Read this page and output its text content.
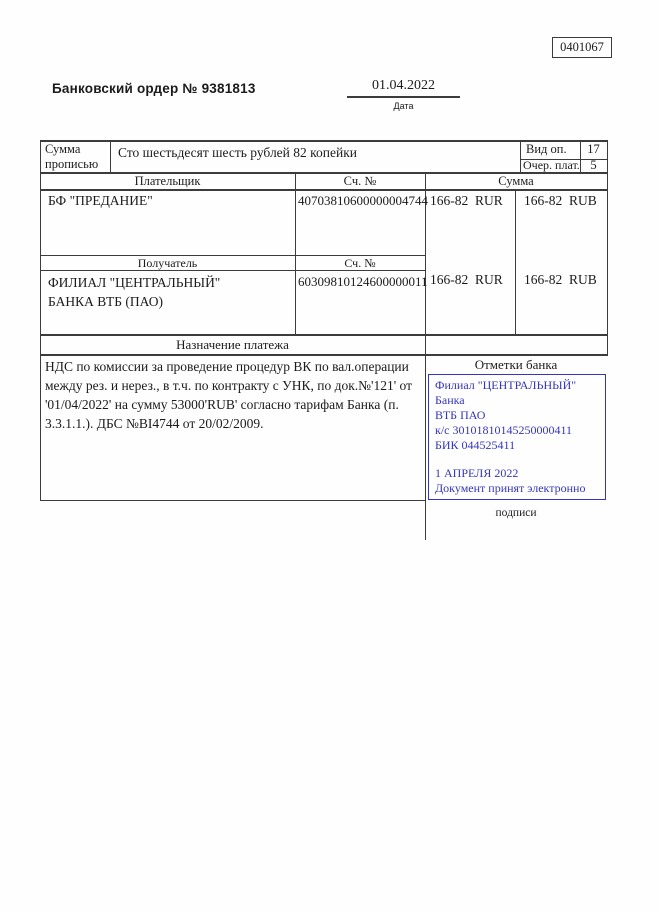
0401067
Банковский ордер № 9381813	01.04.2022
Дата
Сумма прописью
Сто шестьдесят шесть рублей 82 копейки	Вид оп.	17
Очер. плат. 5
Плательщик	Сч. №	Сумма
БФ "ПРЕДАНИЕ"	40703810600000004744 166-82  RUR 166-82  RUB
Получатель	Сч. №
ФИЛИАЛ "ЦЕНТРАЛЬНЫЙ" БАНКА ВТБ (ПАО)
60309810124600000011 166-82  RUR 166-82  RUB
Назначение платежа
НДС по комиссии за проведение процедур ВК по вал.операции между рез. и нерез., в т.ч. по контракту с УНК, по док.№'121' от '01/04/2022' на сумму 53000'RUB' согласно тарифам Банка (п. 3.3.1.1.). ДБС №BI4744 от 20/02/2009.
Отметки банка
Филиал "ЦЕНТРАЛЬНЫЙ" Банка
ВТБ ПАО
к/с 30101810145250000411
БИК 044525411
1 АПРЕЛЯ 2022
Документ принят электронно
подписи
